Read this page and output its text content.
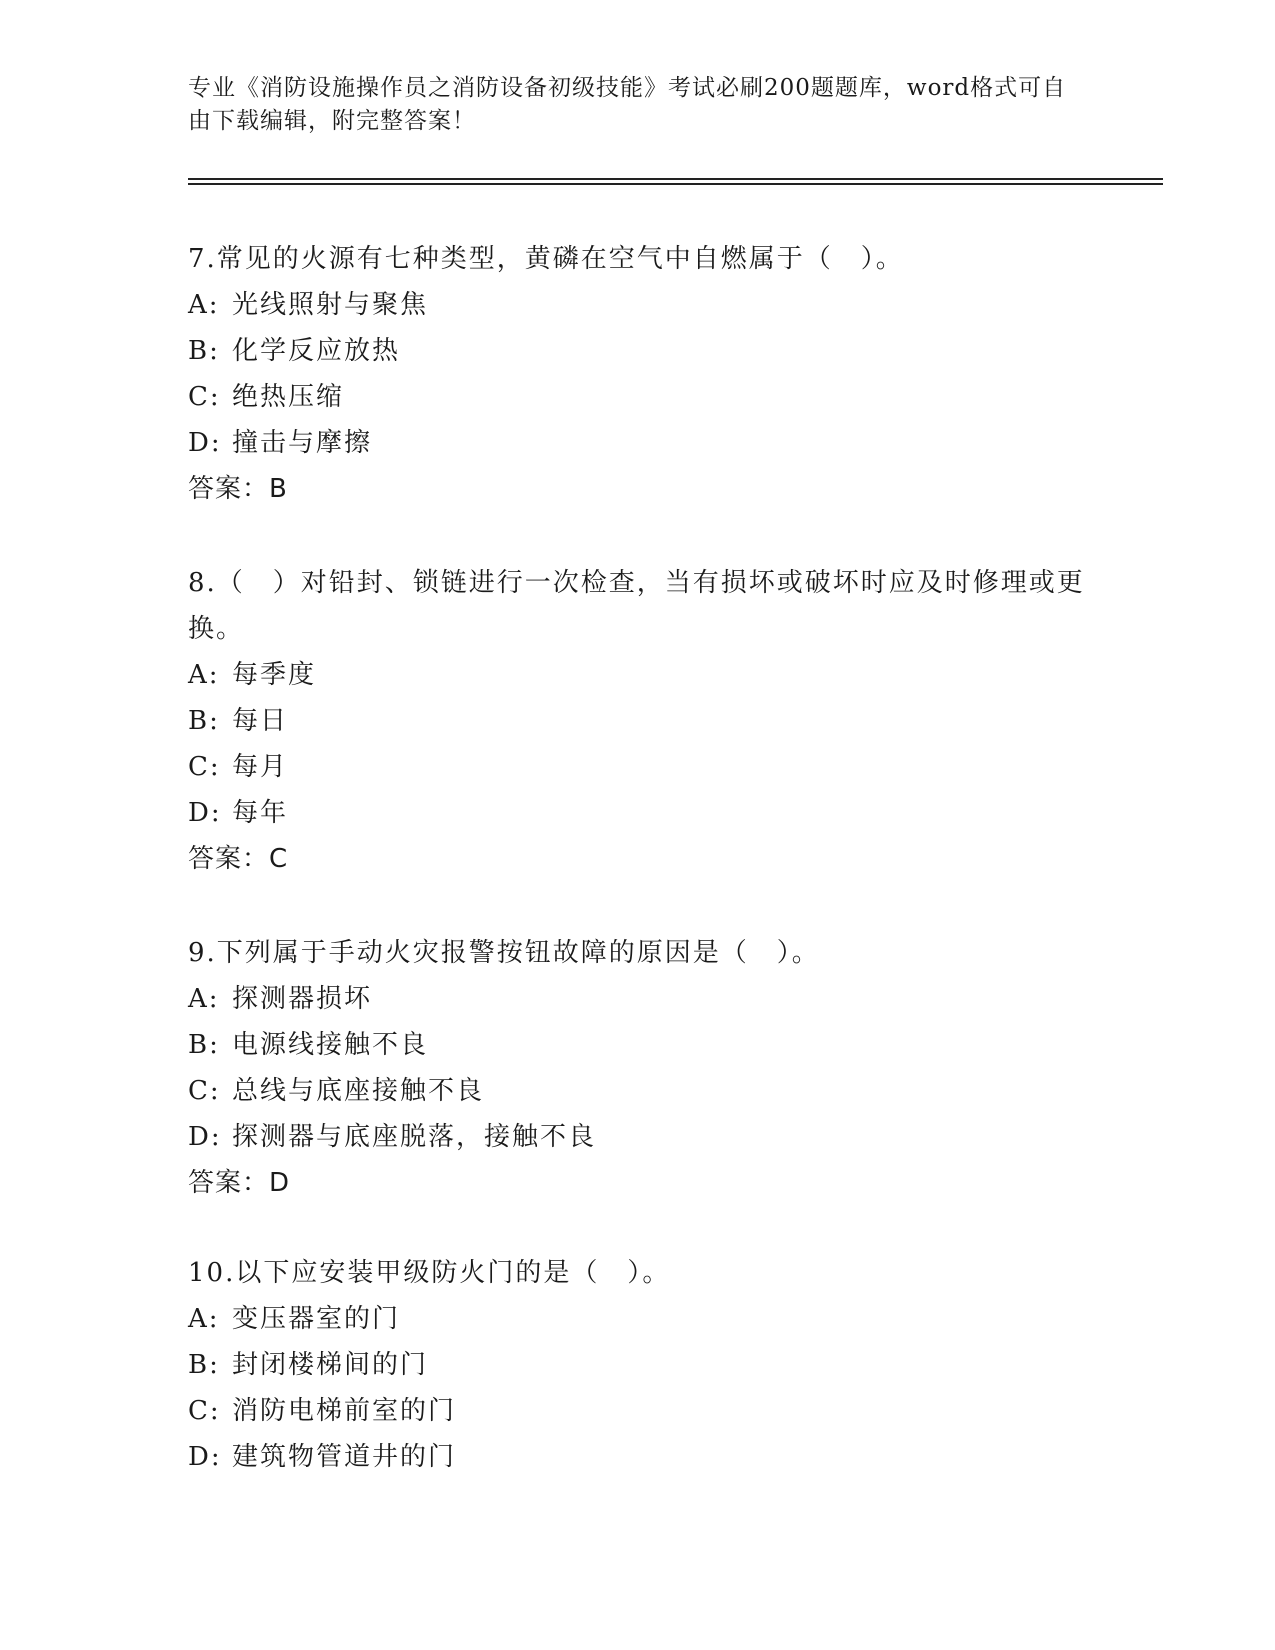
专业《消防设施操作员之消防设备初级技能》考试必刷200题题库，word格式可自由下载编辑，附完整答案！
7.常见的火源有七种类型，黄磷在空气中自燃属于（　）。
A: 光线照射与聚焦
B: 化学反应放热
C: 绝热压缩
D: 撞击与摩擦
答案：B
8.（　）对铅封、锁链进行一次检查，当有损坏或破坏时应及时修理或更换。
A: 每季度
B: 每日
C: 每月
D: 每年
答案：C
9.下列属于手动火灾报警按钮故障的原因是（　）。
A: 探测器损坏
B: 电源线接触不良
C: 总线与底座接触不良
D: 探测器与底座脱落，接触不良
答案：D
10.以下应安装甲级防火门的是（　）。
A: 变压器室的门
B: 封闭楼梯间的门
C: 消防电梯前室的门
D: 建筑物管道井的门
